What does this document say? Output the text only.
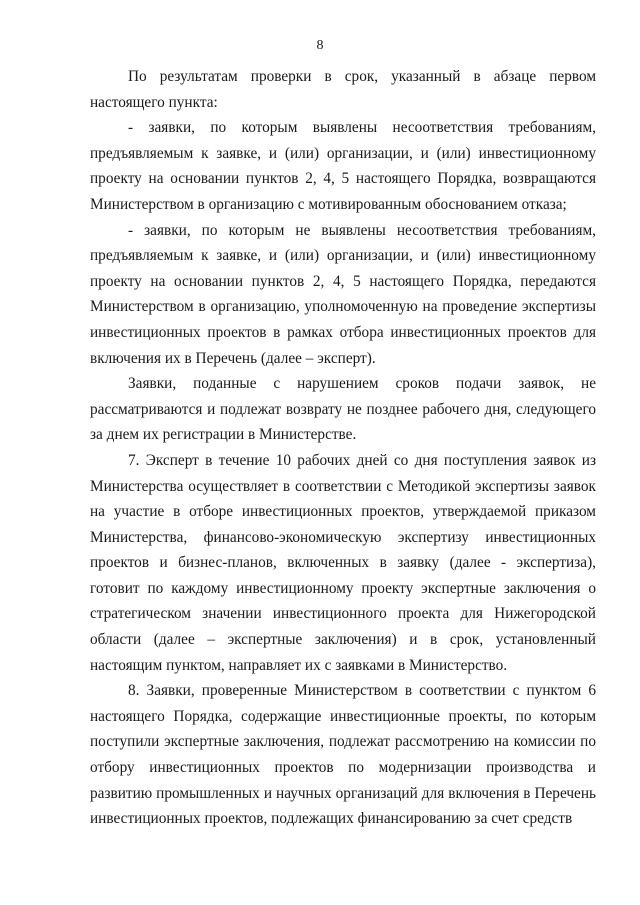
8

По результатам проверки в срок, указанный в абзаце первом настоящего пункта:

- заявки, по которым выявлены несоответствия требованиям, предъявляемым к заявке, и (или) организации, и (или) инвестиционному проекту на основании пунктов 2, 4, 5 настоящего Порядка, возвращаются Министерством в организацию с мотивированным обоснованием отказа;

- заявки, по которым не выявлены несоответствия требованиям, предъявляемым к заявке, и (или) организации, и (или) инвестиционному проекту на основании пунктов 2, 4, 5 настоящего Порядка, передаются Министерством в организацию, уполномоченную на проведение экспертизы инвестиционных проектов в рамках отбора инвестиционных проектов для включения их в Перечень (далее – эксперт).

Заявки, поданные с нарушением сроков подачи заявок, не рассматриваются и подлежат возврату не позднее рабочего дня, следующего за днем их регистрации в Министерстве.

7. Эксперт в течение 10 рабочих дней со дня поступления заявок из Министерства осуществляет в соответствии с Методикой экспертизы заявок на участие в отборе инвестиционных проектов, утверждаемой приказом Министерства, финансово-экономическую экспертизу инвестиционных проектов и бизнес-планов, включенных в заявку (далее - экспертиза), готовит по каждому инвестиционному проекту экспертные заключения о стратегическом значении инвестиционного проекта для Нижегородской области (далее – экспертные заключения) и в срок, установленный настоящим пунктом, направляет их с заявками в Министерство.

8. Заявки, проверенные Министерством в соответствии с пунктом 6 настоящего Порядка, содержащие инвестиционные проекты, по которым поступили экспертные заключения, подлежат рассмотрению на комиссии по отбору инвестиционных проектов по модернизации производства и развитию промышленных и научных организаций для включения в Перечень инвестиционных проектов, подлежащих финансированию за счет средств
